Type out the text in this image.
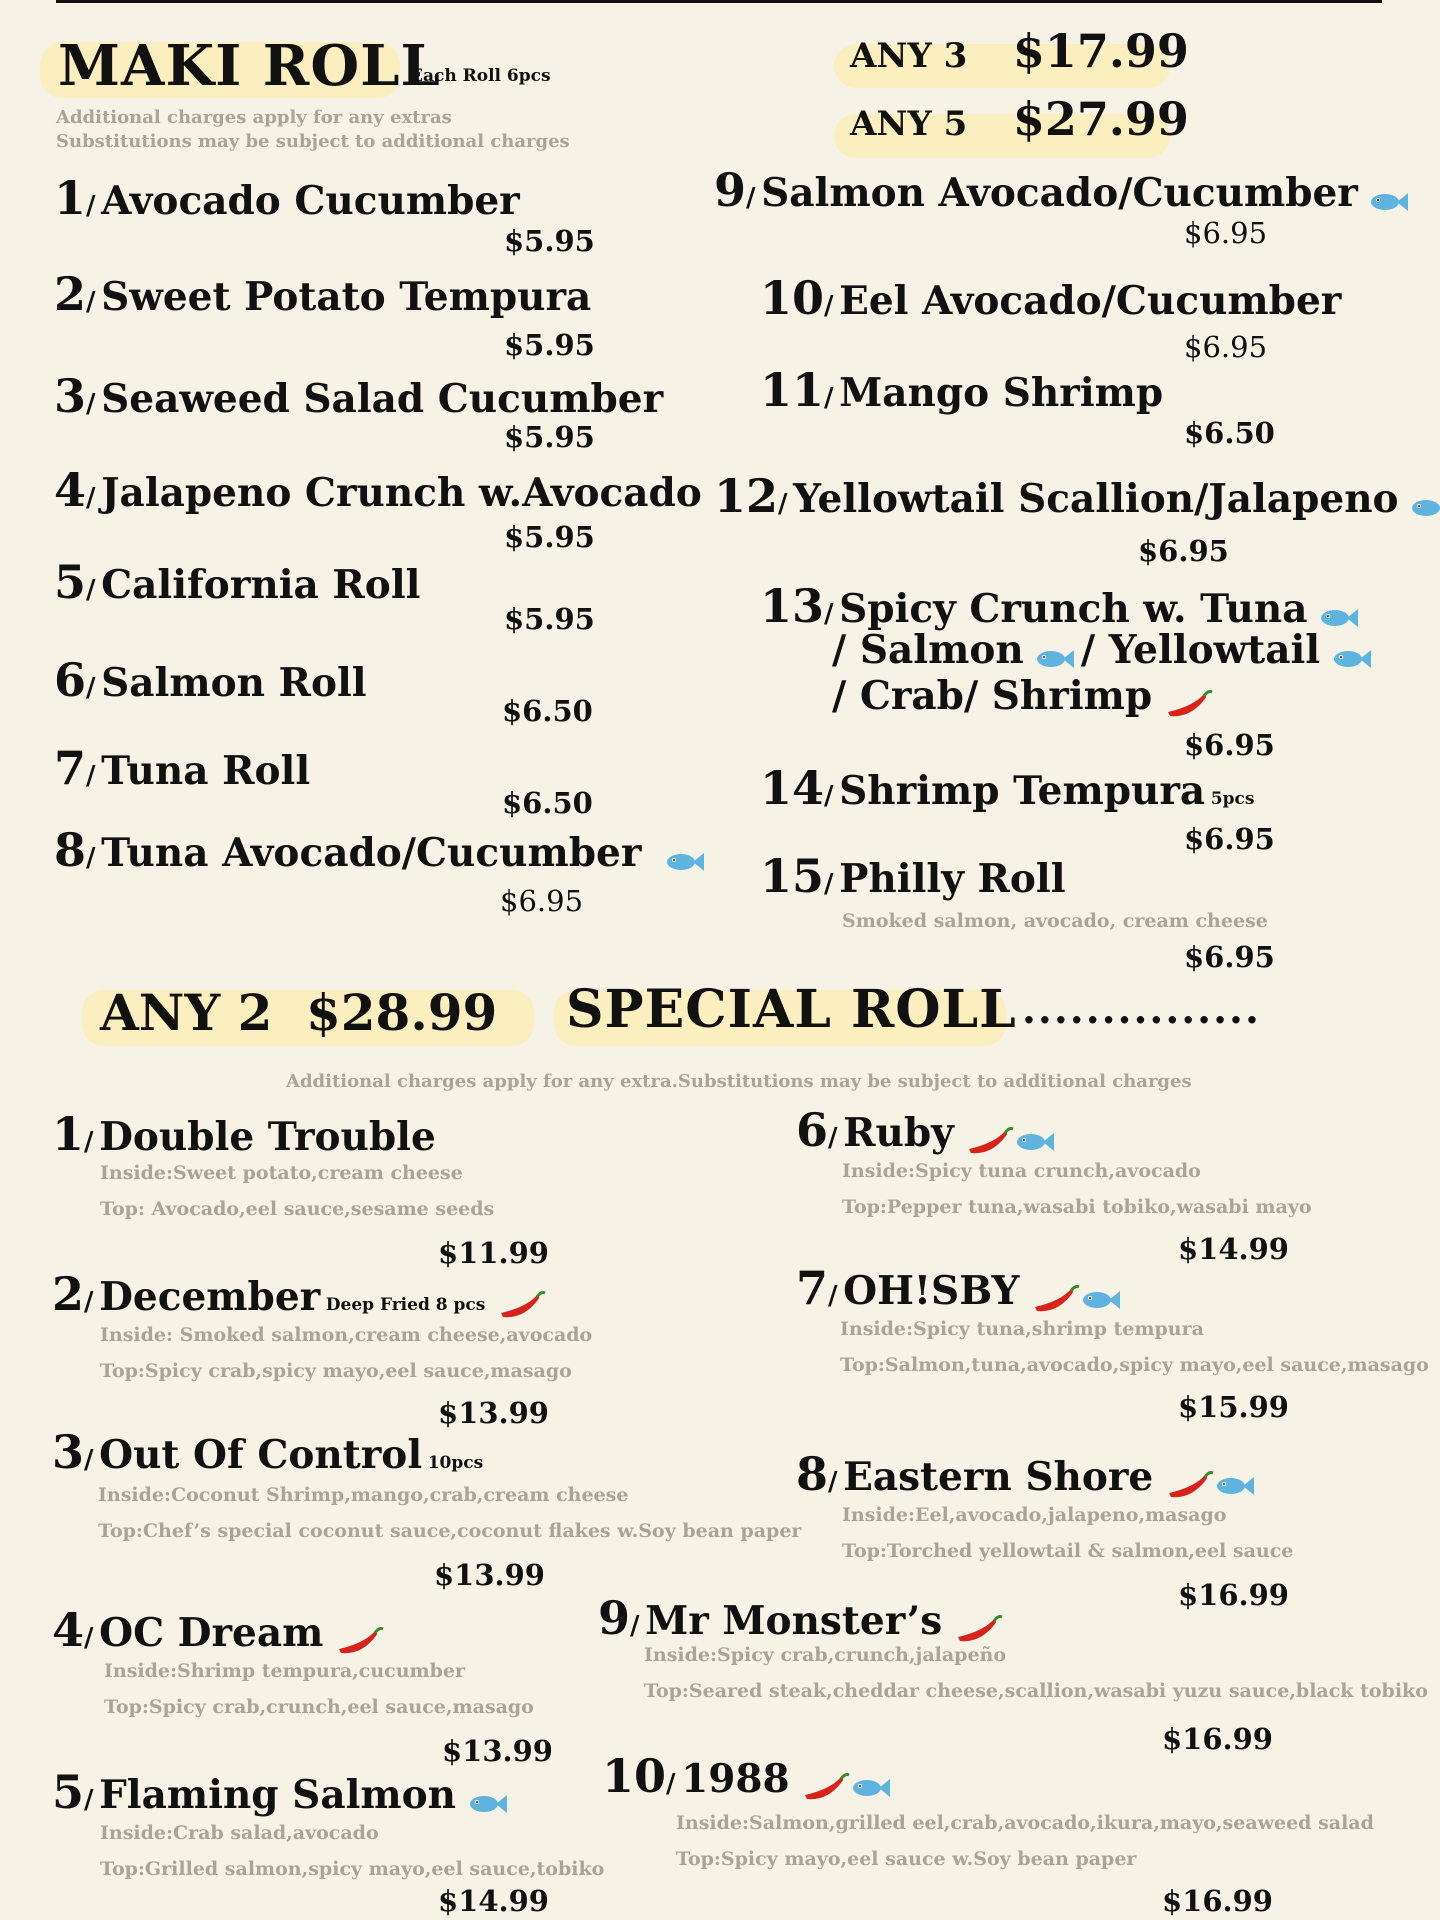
MAKI ROLL
Each Roll 6pcs
Additional charges apply for any extras
Substitutions may be subject to additional charges
ANY 3 $17.99
ANY 5 $27.99
1/ Avocado Cucumber
$5.95
2/ Sweet Potato Tempura
$5.95
3/ Seaweed Salad Cucumber
$5.95
4/ Jalapeno Crunch w.Avocado
$5.95
5/ California Roll
$5.95
6/ Salmon Roll
$6.50
7/ Tuna Roll
$6.50
8/ Tuna Avocado/Cucumber
$6.95
9/ Salmon Avocado/Cucumber
$6.95
10/ Eel Avocado/Cucumber
$6.95
11/ Mango Shrimp
$6.50
12/ Yellowtail Scallion/Jalapeno
$6.95
13/ Spicy Crunch w. Tuna
/ Salmon / Yellowtail
/ Crab/ Shrimp
$6.95
14/ Shrimp Tempura 5pcs
$6.95
15/ Philly Roll
Smoked salmon, avocado, cream cheese
$6.95
ANY 2 $28.99 SPECIAL ROLL ...............
Additional charges apply for any extra.Substitutions may be subject to additional charges
1/ Double Trouble
Inside:Sweet potato,cream cheese
Top: Avocado,eel sauce,sesame seeds
$11.99
2/ December Deep Fried 8 pcs
Inside: Smoked salmon,cream cheese,avocado
Top:Spicy crab,spicy mayo,eel sauce,masago
$13.99
3/ Out Of Control 10pcs
Inside:Coconut Shrimp,mango,crab,cream cheese
Top:Chef’s special coconut sauce,coconut flakes w.Soy bean paper
$13.99
4/ OC Dream
Inside:Shrimp tempura,cucumber
Top:Spicy crab,crunch,eel sauce,masago
$13.99
5/ Flaming Salmon
Inside:Crab salad,avocado
Top:Grilled salmon,spicy mayo,eel sauce,tobiko
$14.99
6/ Ruby
Inside:Spicy tuna crunch,avocado
Top:Pepper tuna,wasabi tobiko,wasabi mayo
$14.99
7/ OH!SBY
Inside:Spicy tuna,shrimp tempura
Top:Salmon,tuna,avocado,spicy mayo,eel sauce,masago
$15.99
8/ Eastern Shore
Inside:Eel,avocado,jalapeno,masago
Top:Torched yellowtail & salmon,eel sauce
$16.99
9/ Mr Monster’s
Inside:Spicy crab,crunch,jalapeño
Top:Seared steak,cheddar cheese,scallion,wasabi yuzu sauce,black tobiko
$16.99
10/ 1988
Inside:Salmon,grilled eel,crab,avocado,ikura,mayo,seaweed salad
Top:Spicy mayo,eel sauce w.Soy bean paper
$16.99
